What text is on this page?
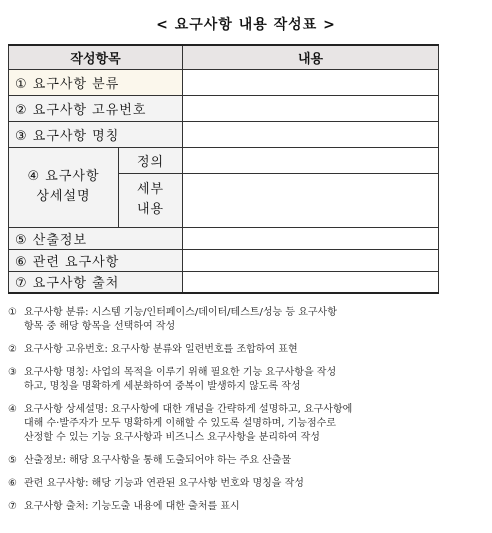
< 요구사항 내용 작성표 >
작성항목		내용
① 요구사항 분류		
② 요구사항 고유번호		
③ 요구사항 명칭		

④ 요구사항
상세설명	정의	

	세부
내용	

⑤ 산출정보		
⑥ 관련 요구사항		
⑦ 요구사항 출처		
① 요구사항 분류: 시스템 기능/인터페이스/데이터/테스트/성능 등 요구사항
항목 중 해당 항목을 선택하여 작성
② 요구사항 고유번호: 요구사항 분류와 일련번호를 조합하여 표현
③ 요구사항 명칭: 사업의 목적을 이루기 위해 필요한 기능 요구사항을 작성
하고, 명칭을 명확하게 세분화하여 중복이 발생하지 않도록 작성
④ 요구사항 상세설명: 요구사항에 대한 개념을 간략하게 설명하고, 요구사항에
대해 수·발주자가 모두 명확하게 이해할 수 있도록 설명하며, 기능점수로
산정할 수 있는 기능 요구사항과 비즈니스 요구사항을 분리하여 작성
⑤ 산출정보: 해당 요구사항을 통해 도출되어야 하는 주요 산출물
⑥ 관련 요구사항: 해당 기능과 연관된 요구사항 번호와 명칭을 작성
⑦ 요구사항 출처: 기능도출 내용에 대한 출처를 표시
